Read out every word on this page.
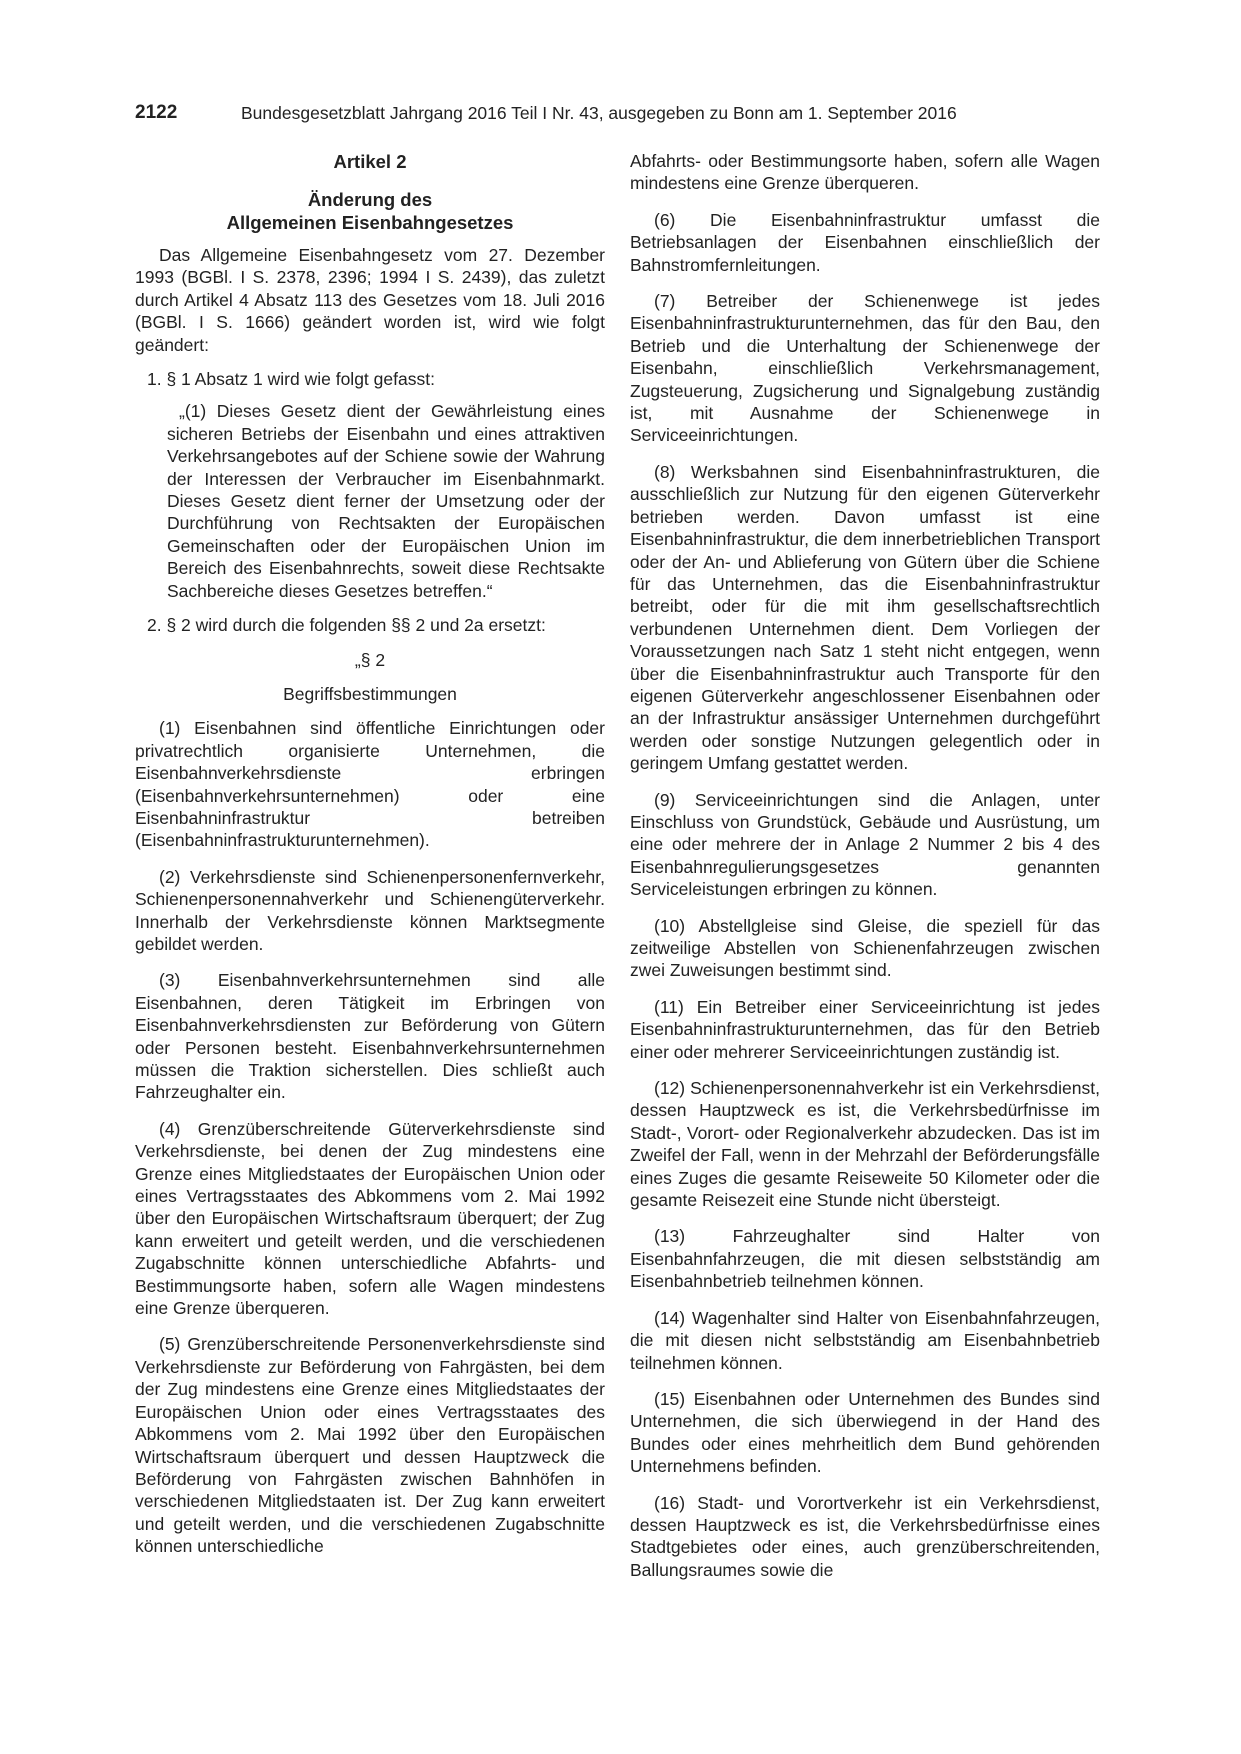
2122	Bundesgesetzblatt Jahrgang 2016 Teil I Nr. 43, ausgegeben zu Bonn am 1. September 2016
Artikel 2
Änderung des
Allgemeinen Eisenbahngesetzes

Das Allgemeine Eisenbahngesetz vom 27. Dezember 1993 (BGBl. I S. 2378, 2396; 1994 I S. 2439), das zuletzt durch Artikel 4 Absatz 113 des Gesetzes vom 18. Juli 2016 (BGBl. I S. 1666) geändert worden ist, wird wie folgt geändert:

1. § 1 Absatz 1 wird wie folgt gefasst:

„(1) Dieses Gesetz dient der Gewährleistung eines sicheren Betriebs der Eisenbahn und eines attraktiven Verkehrsangebotes auf der Schiene sowie der Wahrung der Interessen der Verbraucher im Eisenbahnmarkt. Dieses Gesetz dient ferner der Umsetzung oder der Durchführung von Rechtsakten der Europäischen Gemeinschaften oder der Europäischen Union im Bereich des Eisenbahnrechts, soweit diese Rechtsakte Sachbereiche dieses Gesetzes betreffen.“

2. § 2 wird durch die folgenden §§ 2 und 2a ersetzt:

„§ 2

Begriffsbestimmungen

(1) Eisenbahnen sind öffentliche Einrichtungen oder privatrechtlich organisierte Unternehmen, die Eisenbahnverkehrsdienste erbringen (Eisenbahnverkehrsunternehmen) oder eine Eisenbahninfrastruktur betreiben (Eisenbahninfrastrukturunternehmen).

(2) Verkehrsdienste sind Schienenpersonenfernverkehr, Schienenpersonennahverkehr und Schienengüterverkehr. Innerhalb der Verkehrsdienste können Marktsegmente gebildet werden.

(3) Eisenbahnverkehrsunternehmen sind alle Eisenbahnen, deren Tätigkeit im Erbringen von Eisenbahnverkehrsdiensten zur Beförderung von Gütern oder Personen besteht. Eisenbahnverkehrsunternehmen müssen die Traktion sicherstellen. Dies schließt auch Fahrzeughalter ein.

(4) Grenzüberschreitende Güterverkehrsdienste sind Verkehrsdienste, bei denen der Zug mindestens eine Grenze eines Mitgliedstaates der Europäischen Union oder eines Vertragsstaates des Abkommens vom 2. Mai 1992 über den Europäischen Wirtschaftsraum überquert; der Zug kann erweitert und geteilt werden, und die verschiedenen Zugabschnitte können unterschiedliche Abfahrts- und Bestimmungsorte haben, sofern alle Wagen mindestens eine Grenze überqueren.

(5) Grenzüberschreitende Personenverkehrsdienste sind Verkehrsdienste zur Beförderung von Fahrgästen, bei dem der Zug mindestens eine Grenze eines Mitgliedstaates der Europäischen Union oder eines Vertragsstaates des Abkommens vom 2. Mai 1992 über den Europäischen Wirtschaftsraum überquert und dessen Hauptzweck die Beförderung von Fahrgästen zwischen Bahnhöfen in verschiedenen Mitgliedstaaten ist. Der Zug kann erweitert und geteilt werden, und die verschiedenen Zugabschnitte können unterschiedliche

Abfahrts- oder Bestimmungsorte haben, sofern alle Wagen mindestens eine Grenze überqueren.

(6) Die Eisenbahninfrastruktur umfasst die Betriebsanlagen der Eisenbahnen einschließlich der Bahnstromfernleitungen.

(7) Betreiber der Schienenwege ist jedes Eisenbahninfrastrukturunternehmen, das für den Bau, den Betrieb und die Unterhaltung der Schienenwege der Eisenbahn, einschließlich Verkehrsmanagement, Zugsteuerung, Zugsicherung und Signalgebung zuständig ist, mit Ausnahme der Schienenwege in Serviceeinrichtungen.

(8) Werksbahnen sind Eisenbahninfrastrukturen, die ausschließlich zur Nutzung für den eigenen Güterverkehr betrieben werden. Davon umfasst ist eine Eisenbahninfrastruktur, die dem innerbetrieblichen Transport oder der An- und Ablieferung von Gütern über die Schiene für das Unternehmen, das die Eisenbahninfrastruktur betreibt, oder für die mit ihm gesellschaftsrechtlich verbundenen Unternehmen dient. Dem Vorliegen der Voraussetzungen nach Satz 1 steht nicht entgegen, wenn über die Eisenbahninfrastruktur auch Transporte für den eigenen Güterverkehr angeschlossener Eisenbahnen oder an der Infrastruktur ansässiger Unternehmen durchgeführt werden oder sonstige Nutzungen gelegentlich oder in geringem Umfang gestattet werden.

(9) Serviceeinrichtungen sind die Anlagen, unter Einschluss von Grundstück, Gebäude und Ausrüstung, um eine oder mehrere der in Anlage 2 Nummer 2 bis 4 des Eisenbahnregulierungsgesetzes genannten Serviceleistungen erbringen zu können.

(10) Abstellgleise sind Gleise, die speziell für das zeitweilige Abstellen von Schienenfahrzeugen zwischen zwei Zuweisungen bestimmt sind.

(11) Ein Betreiber einer Serviceeinrichtung ist jedes Eisenbahninfrastrukturunternehmen, das für den Betrieb einer oder mehrerer Serviceeinrichtungen zuständig ist.

(12) Schienenpersonennahverkehr ist ein Verkehrsdienst, dessen Hauptzweck es ist, die Verkehrsbedürfnisse im Stadt-, Vorort- oder Regionalverkehr abzudecken. Das ist im Zweifel der Fall, wenn in der Mehrzahl der Beförderungsfälle eines Zuges die gesamte Reiseweite 50 Kilometer oder die gesamte Reisezeit eine Stunde nicht übersteigt.

(13) Fahrzeughalter sind Halter von Eisenbahnfahrzeugen, die mit diesen selbstständig am Eisenbahnbetrieb teilnehmen können.

(14) Wagenhalter sind Halter von Eisenbahnfahrzeugen, die mit diesen nicht selbstständig am Eisenbahnbetrieb teilnehmen können.

(15) Eisenbahnen oder Unternehmen des Bundes sind Unternehmen, die sich überwiegend in der Hand des Bundes oder eines mehrheitlich dem Bund gehörenden Unternehmens befinden.

(16) Stadt- und Vorortverkehr ist ein Verkehrsdienst, dessen Hauptzweck es ist, die Verkehrsbedürfnisse eines Stadtgebietes oder eines, auch grenzüberschreitenden, Ballungsraumes sowie die
